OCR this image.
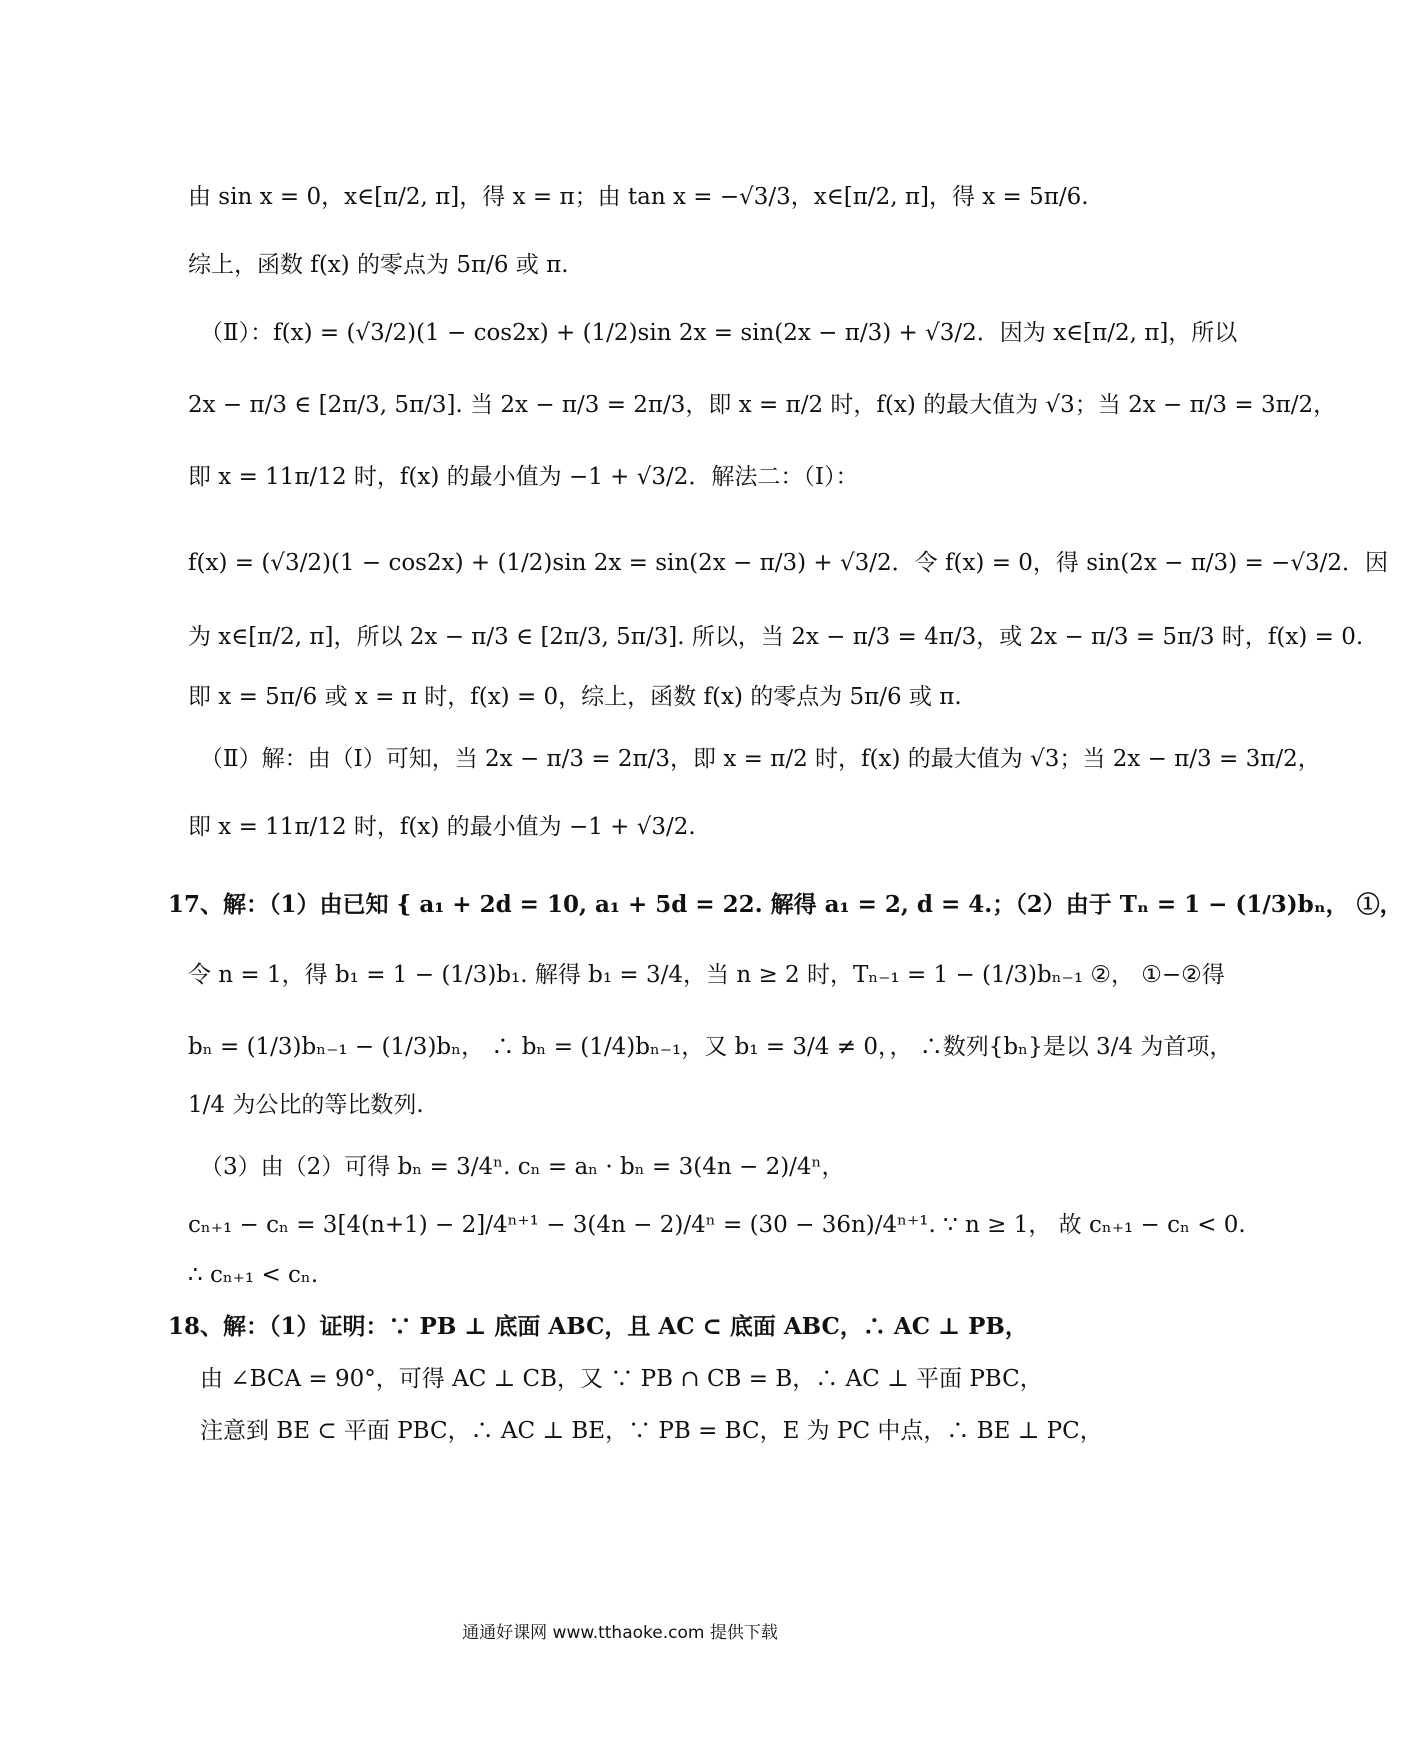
由 sin x = 0，x∈[π/2, π]，得 x = π；由 tan x = −√3/3，x∈[π/2, π]，得 x = 5π/6.
综上，函数 f(x) 的零点为 5π/6 或 π.
（Ⅱ）：f(x) = (√3/2)(1 − cos2x) + (1/2)sin 2x = sin(2x − π/3) + √3/2．因为 x∈[π/2, π]，所以
2x − π/3 ∈ [2π/3, 5π/3]. 当 2x − π/3 = 2π/3，即 x = π/2 时，f(x) 的最大值为 √3；当 2x − π/3 = 3π/2，
即 x = 11π/12 时，f(x) 的最小值为 −1 + √3/2．解法二：（Ⅰ）：
f(x) = (√3/2)(1 − cos2x) + (1/2)sin 2x = sin(2x − π/3) + √3/2．令 f(x) = 0，得 sin(2x − π/3) = −√3/2．因
为 x∈[π/2, π]，所以 2x − π/3 ∈ [2π/3, 5π/3]. 所以，当 2x − π/3 = 4π/3，或 2x − π/3 = 5π/3 时，f(x) = 0.
即 x = 5π/6 或 x = π 时，f(x) = 0，综上，函数 f(x) 的零点为 5π/6 或 π.
（Ⅱ）解：由（Ⅰ）可知，当 2x − π/3 = 2π/3，即 x = π/2 时，f(x) 的最大值为 √3；当 2x − π/3 = 3π/2，
即 x = 11π/12 时，f(x) 的最小值为 −1 + √3/2.
17、解：（1）由已知 { a₁ + 2d = 10, a₁ + 5d = 22. 解得 a₁ = 2, d = 4.；（2）由于 Tₙ = 1 − (1/3)bₙ， ①，
令 n = 1，得 b₁ = 1 − (1/3)b₁. 解得 b₁ = 3/4，当 n ≥ 2 时，Tₙ₋₁ = 1 − (1/3)bₙ₋₁ ②， ①−②得
bₙ = (1/3)bₙ₋₁ − (1/3)bₙ， ∴ bₙ = (1/4)bₙ₋₁，又 b₁ = 3/4 ≠ 0，， ∴数列{bₙ}是以 3/4 为首项，
1/4 为公比的等比数列.
（3）由（2）可得 bₙ = 3/4ⁿ. cₙ = aₙ · bₙ = 3(4n − 2)/4ⁿ，
cₙ₊₁ − cₙ = 3[4(n+1) − 2]/4ⁿ⁺¹ − 3(4n − 2)/4ⁿ = (30 − 36n)/4ⁿ⁺¹. ∵ n ≥ 1， 故 cₙ₊₁ − cₙ < 0.
∴ cₙ₊₁ < cₙ.
18、解：（1）证明：∵ PB ⊥ 底面 ABC，且 AC ⊂ 底面 ABC，∴ AC ⊥ PB，
由 ∠BCA = 90°，可得 AC ⊥ CB，又 ∵ PB ∩ CB = B，∴ AC ⊥ 平面 PBC，
注意到 BE ⊂ 平面 PBC，∴ AC ⊥ BE，∵ PB = BC，E 为 PC 中点，∴ BE ⊥ PC，
通通好课网 www.tthaoke.com 提供下载
